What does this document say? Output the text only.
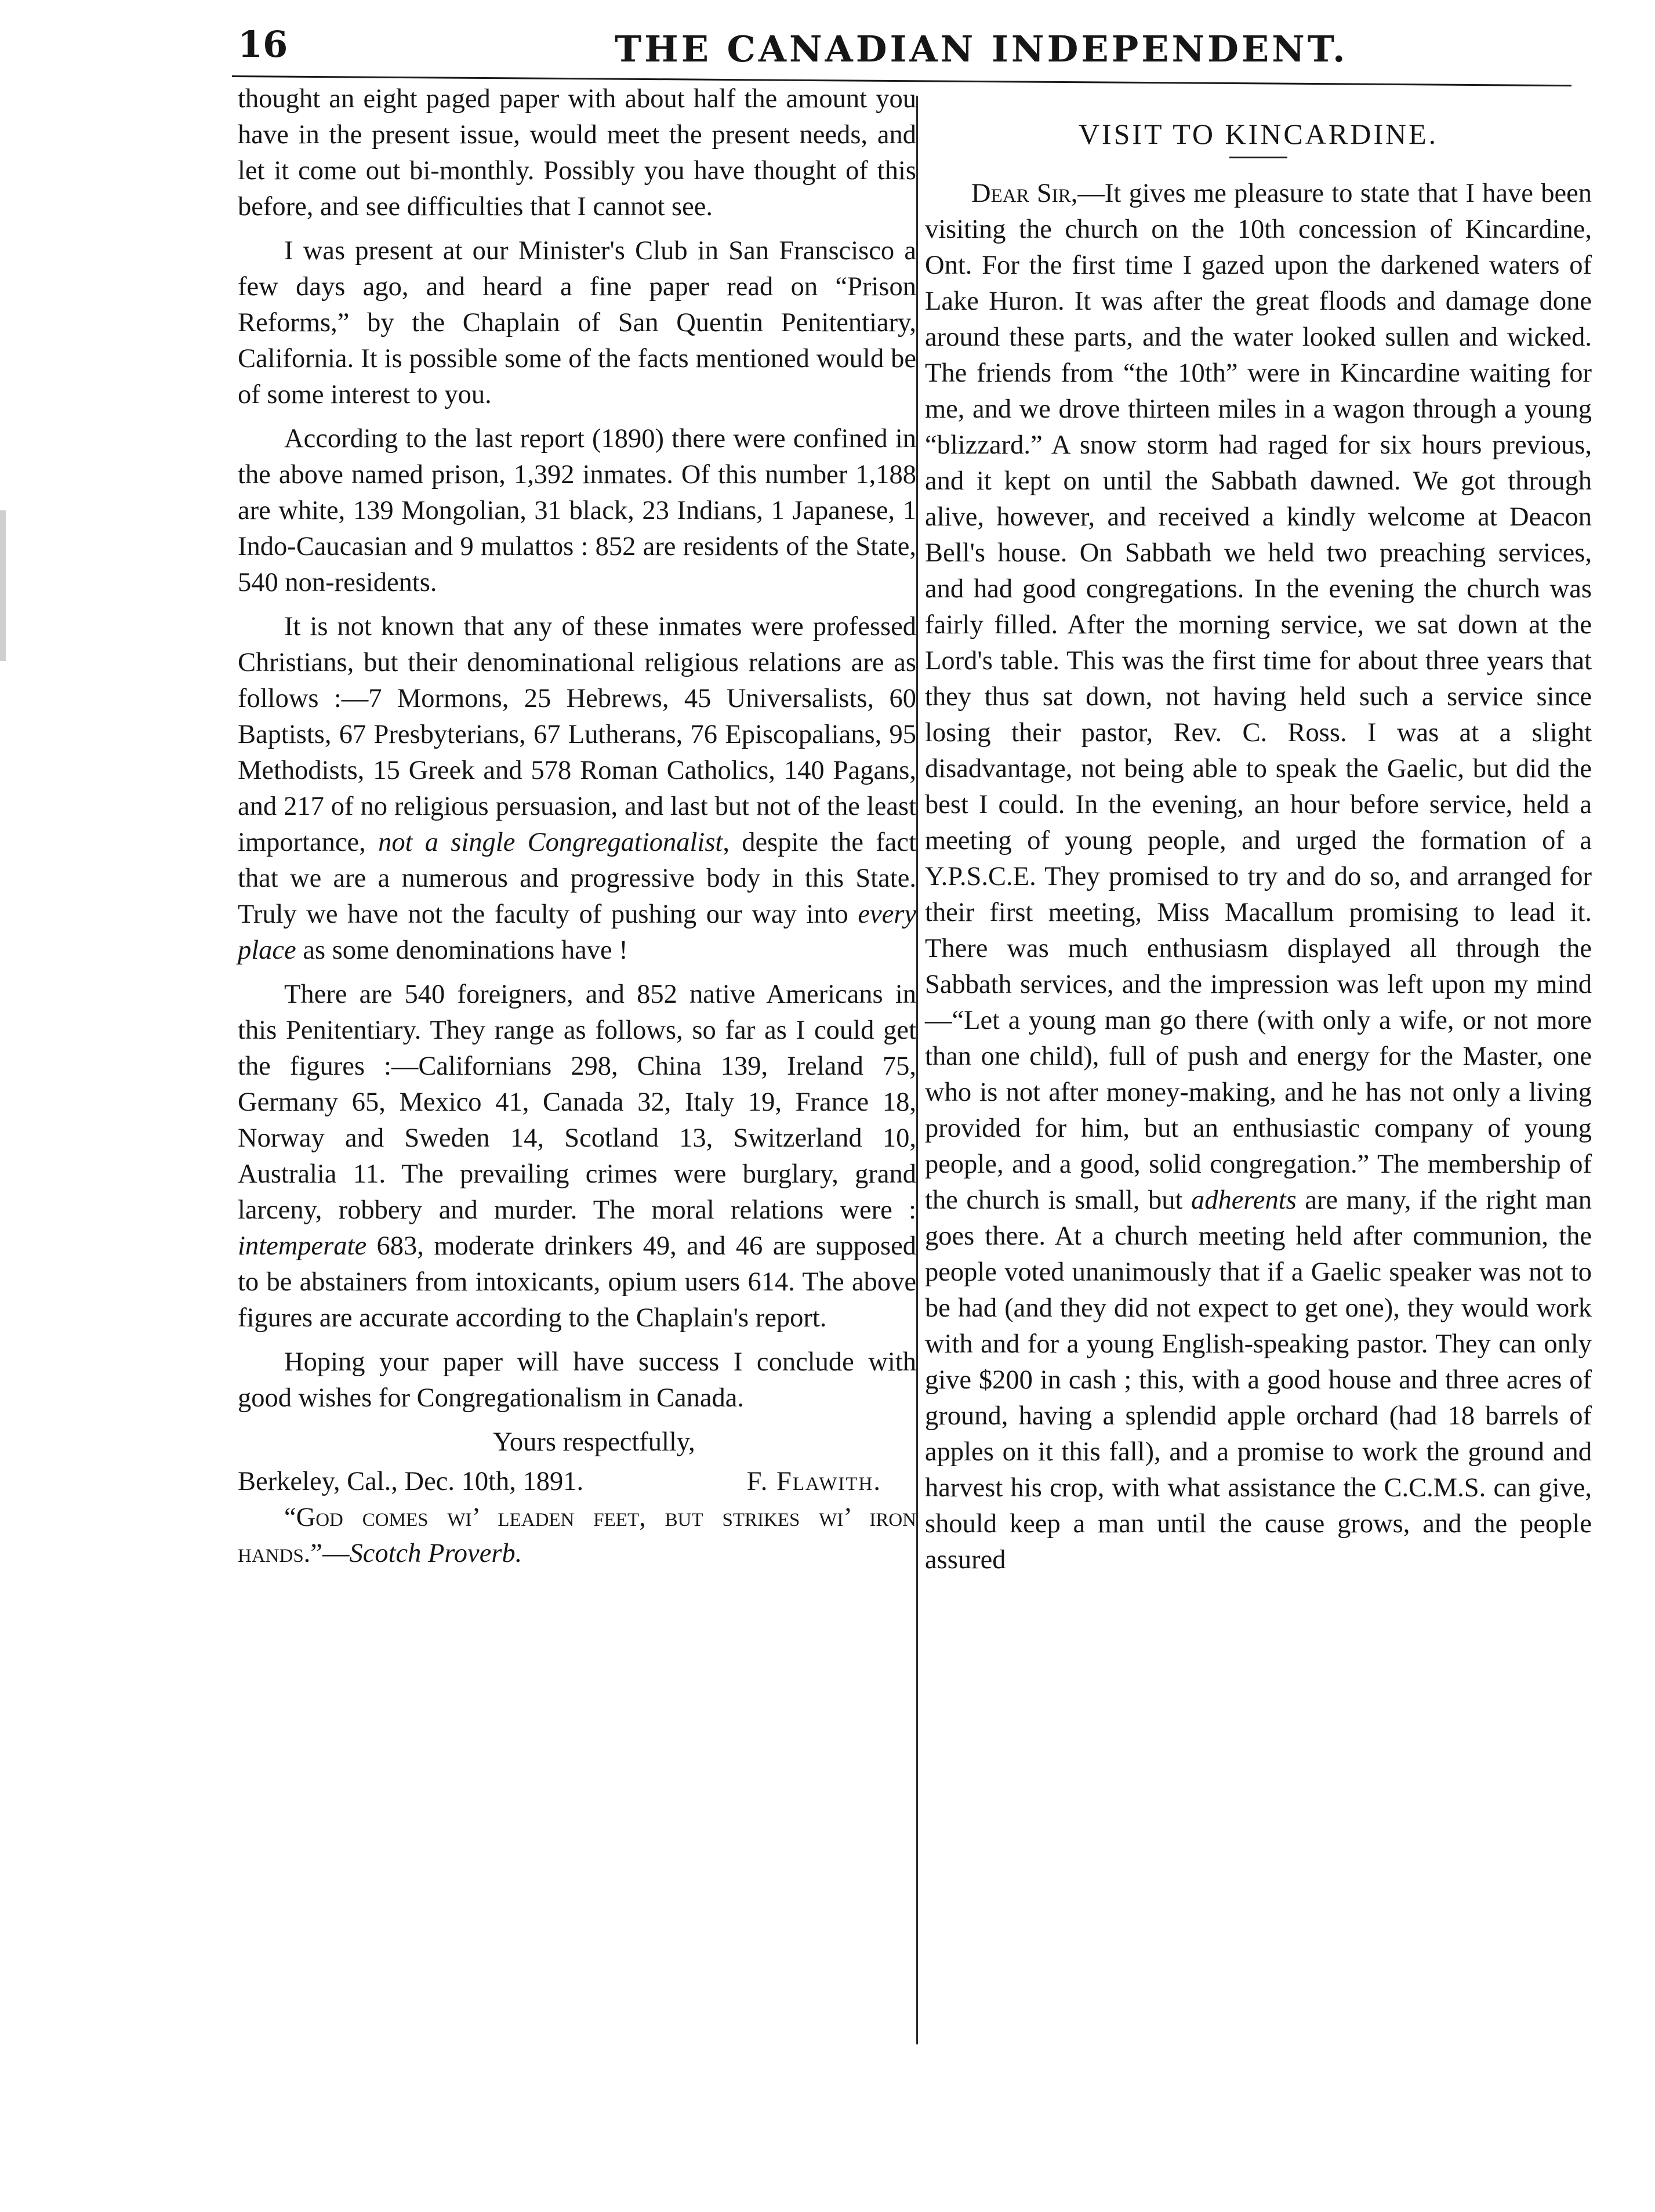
16	THE CANADIAN INDEPENDENT.

thought an eight paged paper with about half the amount you have in the present issue, would meet the present needs, and let it come out bi-monthly. Possibly you have thought of this before, and see difficulties that I cannot see.

I was present at our Minister's Club in San Franscisco a few days ago, and heard a fine paper read on “Prison Reforms,” by the Chaplain of San Quentin Penitentiary, California. It is possible some of the facts mentioned would be of some interest to you.

According to the last report (1890) there were confined in the above named prison, 1,392 inmates. Of this number 1,188 are white, 139 Mongolian, 31 black, 23 Indians, 1 Japanese, 1 Indo-Caucasian and 9 mulattos : 852 are residents of the State, 540 non-residents.

It is not known that any of these inmates were professed Christians, but their denominational religious relations are as follows :—7 Mormons, 25 Hebrews, 45 Universalists, 60 Baptists, 67 Presbyterians, 67 Lutherans, 76 Episcopalians, 95 Methodists, 15 Greek and 578 Roman Catholics, 140 Pagans, and 217 of no religious persuasion, and last but not of the least importance, not a single Congregationalist, despite the fact that we are a numerous and progressive body in this State. Truly we have not the faculty of pushing our way into every place as some denominations have !

There are 540 foreigners, and 852 native Americans in this Penitentiary. They range as follows, so far as I could get the figures :—Californians 298, China 139, Ireland 75, Germany 65, Mexico 41, Canada 32, Italy 19, France 18, Norway and Sweden 14, Scotland 13, Switzerland 10, Australia 11. The prevailing crimes were burglary, grand larceny, robbery and murder. The moral relations were : intemperate 683, moderate drinkers 49, and 46 are supposed to be abstainers from intoxicants, opium users 614. The above figures are accurate according to the Chaplain's report.

Hoping your paper will have success I conclude with good wishes for Congregationalism in Canada.

Yours respectfully,
Berkeley, Cal., Dec. 10th, 1891.	F. Flawith.

“God comes wi’ leaden feet, but strikes wi’ iron hands.”—Scotch Proverb.

VISIT TO KINCARDINE.

Dear Sir,—It gives me pleasure to state that I have been visiting the church on the 10th concession of Kincardine, Ont. For the first time I gazed upon the darkened waters of Lake Huron. It was after the great floods and damage done around these parts, and the water looked sullen and wicked. The friends from “the 10th” were in Kincardine waiting for me, and we drove thirteen miles in a wagon through a young “blizzard.” A snow storm had raged for six hours previous, and it kept on until the Sabbath dawned. We got through alive, however, and received a kindly welcome at Deacon Bell's house. On Sabbath we held two preaching services, and had good congregations. In the evening the church was fairly filled. After the morning service, we sat down at the Lord's table. This was the first time for about three years that they thus sat down, not having held such a service since losing their pastor, Rev. C. Ross. I was at a slight disadvantage, not being able to speak the Gaelic, but did the best I could. In the evening, an hour before service, held a meeting of young people, and urged the formation of a Y.P.S.C.E. They promised to try and do so, and arranged for their first meeting, Miss Macallum promising to lead it. There was much enthusiasm displayed all through the Sabbath services, and the impression was left upon my mind—“Let a young man go there (with only a wife, or not more than one child), full of push and energy for the Master, one who is not after money-making, and he has not only a living provided for him, but an enthusiastic company of young people, and a good, solid congregation.” The membership of the church is small, but adherents are many, if the right man goes there. At a church meeting held after communion, the people voted unanimously that if a Gaelic speaker was not to be had (and they did not expect to get one), they would work with and for a young English-speaking pastor. They can only give $200 in cash ; this, with a good house and three acres of ground, having a splendid apple orchard (had 18 barrels of apples on it this fall), and a promise to work the ground and harvest his crop, with what assistance the C.C.M.S. can give, should keep a man until the cause grows, and the people assured
